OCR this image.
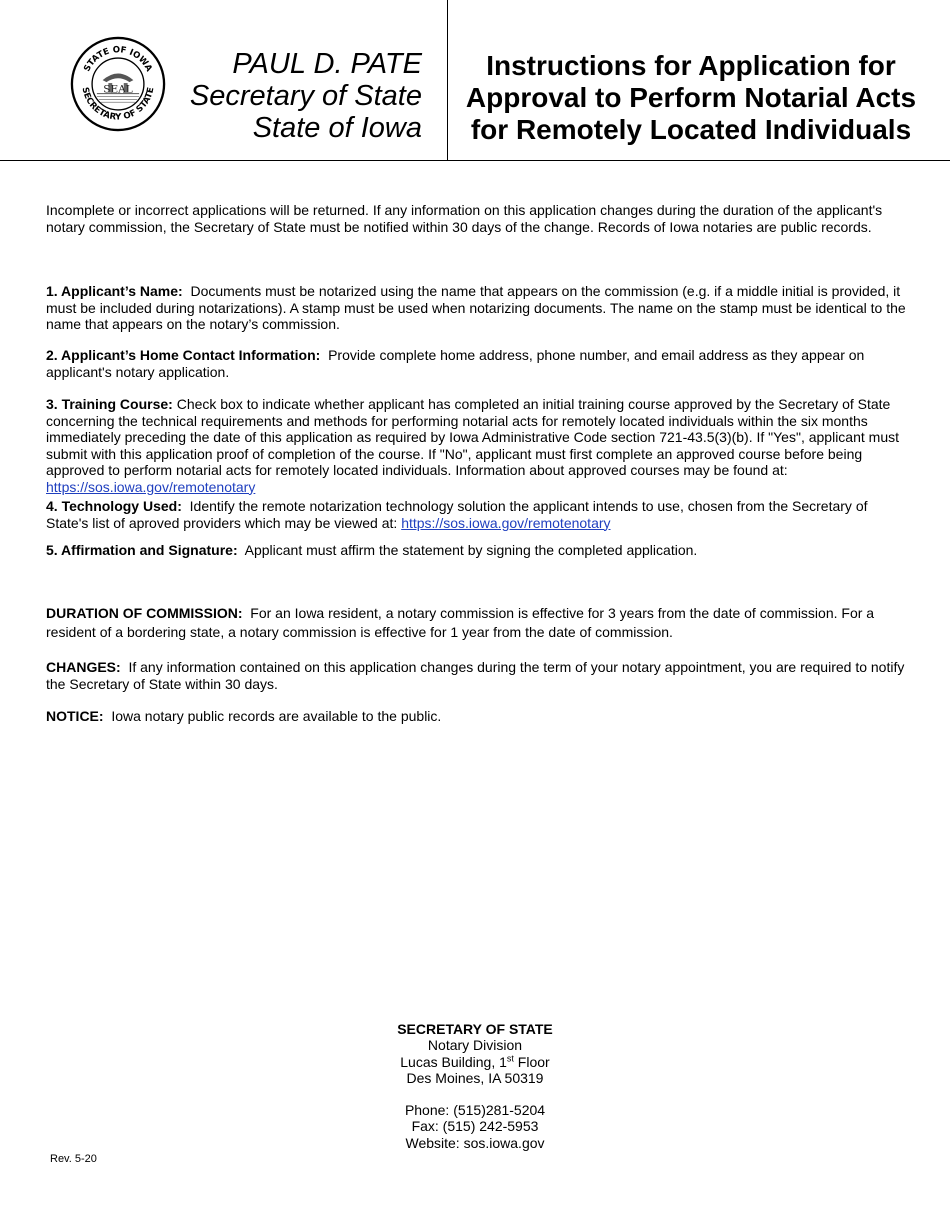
STATE OF IOWA
SECRETARY OF STATE
SEAL
PAUL D. PATE
Secretary of State
State of Iowa
Instructions for Application for
Approval to Perform Notarial Acts
for Remotely Located Individuals
Incomplete or incorrect applications will be returned. If any information on this application changes during the duration of the applicant's notary commission, the Secretary of State must be notified within 30 days of the change. Records of Iowa notaries are public records.
1. Applicant’s Name: Documents must be notarized using the name that appears on the commission (e.g. if a middle initial is provided, it must be included during notarizations). A stamp must be used when notarizing documents. The name on the stamp must be identical to the name that appears on the notary’s commission.
2. Applicant’s Home Contact Information: Provide complete home address, phone number, and email address as they appear on applicant's notary application.
3. Training Course: Check box to indicate whether applicant has completed an initial training course approved by the Secretary of State concerning the technical requirements and methods for performing notarial acts for remotely located individuals within the six months immediately preceding the date of this application as required by Iowa Administrative Code section 721-43.5(3)(b). If "Yes", applicant must submit with this application proof of completion of the course. If "No", applicant must first complete an approved course before being approved to perform notarial acts for remotely located individuals. Information about approved courses may be found at:
https://sos.iowa.gov/remotenotary
4. Technology Used: Identify the remote notarization technology solution the applicant intends to use, chosen from the Secretary of State's list of aproved providers which may be viewed at: https://sos.iowa.gov/remotenotary
5. Affirmation and Signature: Applicant must affirm the statement by signing the completed application.
DURATION OF COMMISSION: For an Iowa resident, a notary commission is effective for 3 years from the date of commission. For a resident of a bordering state, a notary commission is effective for 1 year from the date of commission.
CHANGES: If any information contained on this application changes during the term of your notary appointment, you are required to notify the Secretary of State within 30 days.
NOTICE: Iowa notary public records are available to the public.
SECRETARY OF STATE
Notary Division
Lucas Building, 1st Floor
Des Moines, IA 50319
Phone: (515)281-5204
Fax: (515) 242-5953
Website: sos.iowa.gov
Rev. 5-20
